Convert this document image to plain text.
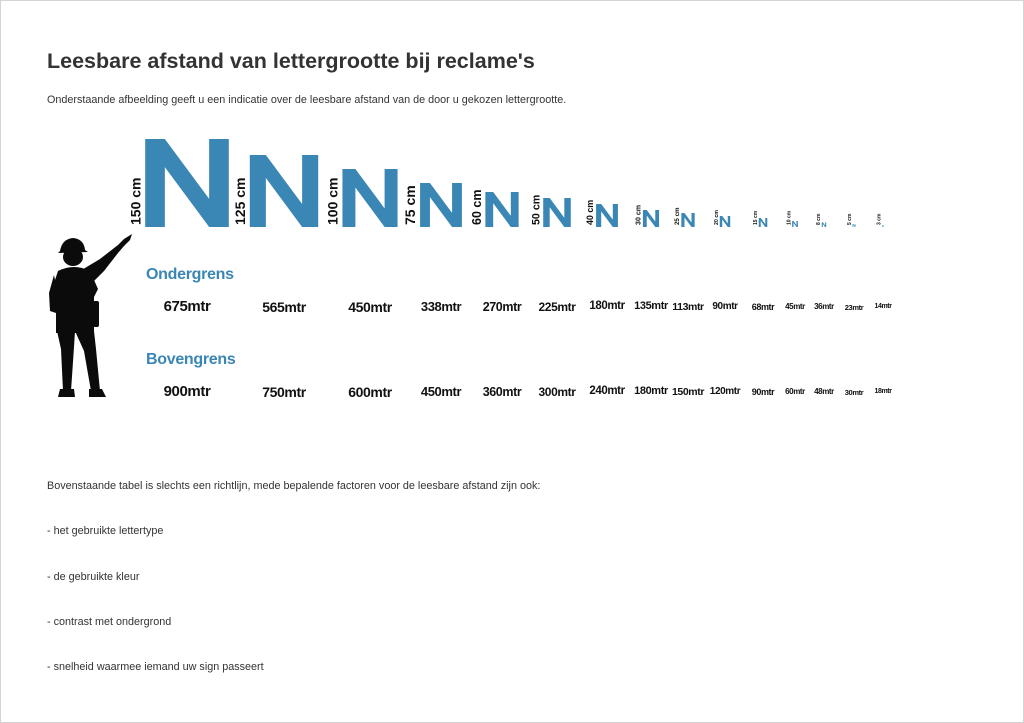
Leesbare afstand van lettergrootte bij reclame's
Onderstaande afbeelding geeft u een indicatie over de leesbare afstand van de door u gekozen lettergrootte.
150 cm	125 cm	100 cm	75 cm	60 cm	50 cm	40 cm	30 cm	25 cm	20 cm	15 cm	10 cm	8 cm	5 cm	3 cm
Ondergrens
675mtr	565mtr	450mtr 338mtr 270mtr 225mtr 180mtr 135mtr 113mtr 90mtr 68mtr 45mtr 36mtr 23mtr 14mtr
Bovengrens
900mtr	750mtr	600mtr 450mtr 360mtr 300mtr 240mtr 180mtr 150mtr 120mtr 90mtr 60mtr 48mtr 30mtr 18mtr
Bovenstaande tabel is slechts een richtlijn, mede bepalende factoren voor de leesbare afstand zijn ook:
- het gebruikte lettertype
- de gebruikte kleur
- contrast met ondergrond
- snelheid waarmee iemand uw sign passeert
